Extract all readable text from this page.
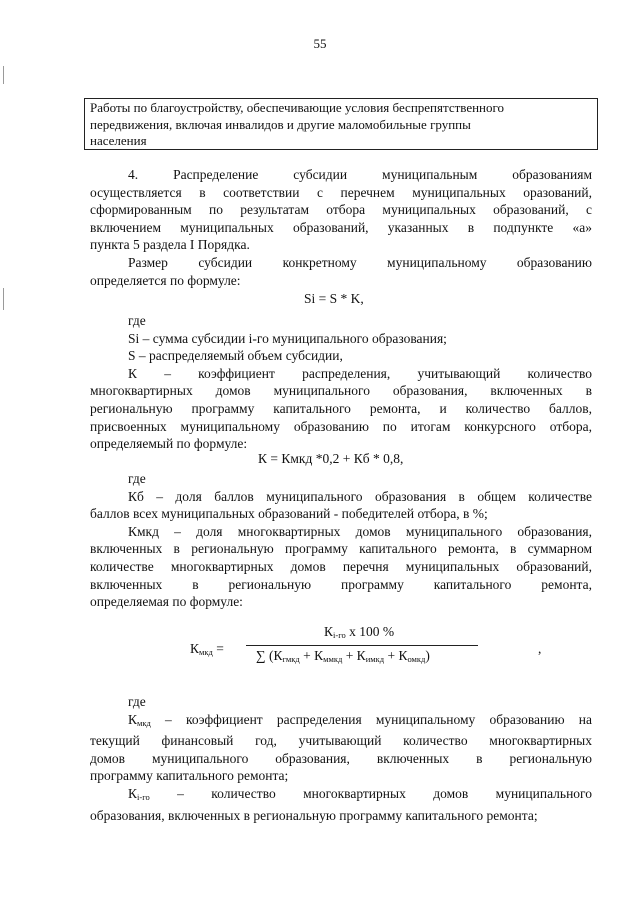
55
Работы по благоустройству, обеспечивающие условия беспрепятственного
передвижения, включая инвалидов и другие маломобильные группы
населения
4. Распределение субсидии муниципальным образованиям
осуществляется в соответствии с перечнем муниципальных оразований,
сформированным по результатам отбора муниципальных образований, с
включением муниципальных образований, указанных в подпункте «а»
пункта 5 раздела I Порядка.
Размер субсидии конкретному муниципальному образованию
определяется по формуле:
Si = S * K,
где
Si – сумма субсидии i-го муниципального образования;
S – распределяемый объем субсидии,
К – коэффициент распределения, учитывающий количество
многоквартирных домов муниципального образования, включенных в
региональную программу капитального ремонта, и количество баллов,
присвоенных муниципальному образованию по итогам конкурсного отбора,
определяемый по формуле:
К = Кмкд *0,2 + Кб * 0,8,
где
Кб – доля баллов муниципального образования в общем количестве
баллов всех муниципальных образований - победителей отбора, в %;
Кмкд – доля многоквартирных домов муниципального образования,
включенных в региональную программу капитального ремонта, в суммарном
количестве многоквартирных домов перечня муниципальных образований,
включенных в региональную программу капитального ремонта,
определяемая по формуле:
$К_{мкд}$ =
$К_{i-го}$ х 100 %
∑ $(К_{гмкд} + К_{ммкд} + К_{имкд} + К_{омкд})$	,
где
$К_{мкд}$ – коэффициент распределения муниципальному образованию на
текущий финансовый год, учитывающий количество многоквартирных
домов муниципального образования, включенных в региональную
программу капитального ремонта;
$К_{i-го}$ – количество многоквартирных домов муниципального
образования, включенных в региональную программу капитального ремонта;
